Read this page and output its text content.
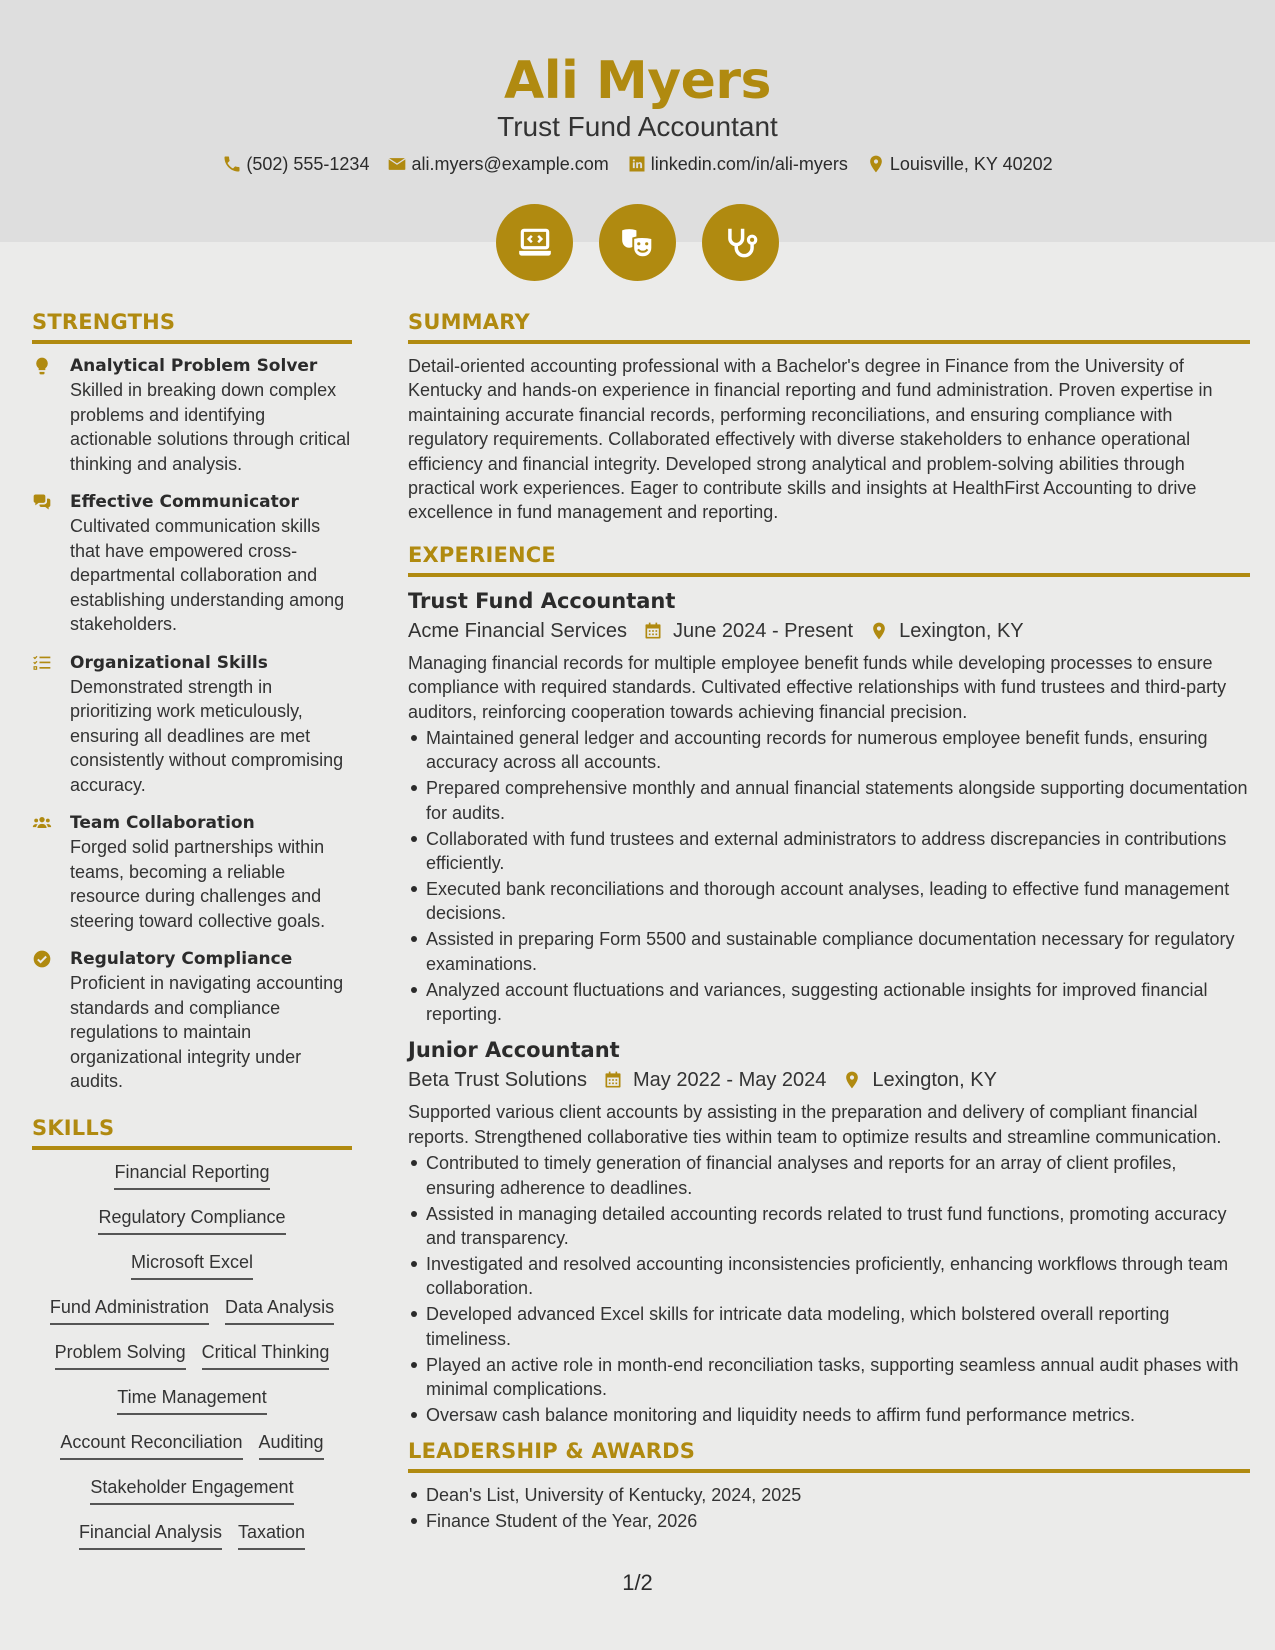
Ali Myers
Trust Fund Accountant
(502) 555-1234 ali.myers@example.com linkedin.com/in/ali-myers Louisville, KY 40202
STRENGTHS
Analytical Problem Solver

Skilled in breaking down complex problems and identifying actionable solutions through critical thinking and analysis.

Effective Communicator

Cultivated communication skills that have empowered cross-departmental collaboration and establishing understanding among stakeholders.

Organizational Skills

Demonstrated strength in prioritizing work meticulously, ensuring all deadlines are met consistently without compromising accuracy.

Team Collaboration

Forged solid partnerships within teams, becoming a reliable resource during challenges and steering toward collective goals.

Regulatory Compliance

Proficient in navigating accounting standards and compliance regulations to maintain organizational integrity under audits.

SKILLS
Financial Reporting
Regulatory Compliance
Microsoft Excel
Fund Administration Data Analysis
Problem Solving Critical Thinking
Time Management
Account Reconciliation Auditing
Stakeholder Engagement
Financial Analysis Taxation
SUMMARY

Detail-oriented accounting professional with a Bachelor's degree in Finance from the University of Kentucky and hands-on experience in financial reporting and fund administration. Proven expertise in maintaining accurate financial records, performing reconciliations, and ensuring compliance with regulatory requirements. Collaborated effectively with diverse stakeholders to enhance operational efficiency and financial integrity. Developed strong analytical and problem-solving abilities through practical work experiences. Eager to contribute skills and insights at HealthFirst Accounting to drive excellence in fund management and reporting.

EXPERIENCE
Trust Fund Accountant
Acme Financial Services June 2024 - Present Lexington, KY

Managing financial records for multiple employee benefit funds while developing processes to ensure compliance with required standards. Cultivated effective relationships with fund trustees and third-party auditors, reinforcing cooperation towards achieving financial precision.

Maintained general ledger and accounting records for numerous employee benefit funds, ensuring accuracy across all accounts.
Prepared comprehensive monthly and annual financial statements alongside supporting documentation for audits.
Collaborated with fund trustees and external administrators to address discrepancies in contributions efficiently.
Executed bank reconciliations and thorough account analyses, leading to effective fund management decisions.
Assisted in preparing Form 5500 and sustainable compliance documentation necessary for regulatory examinations.
Analyzed account fluctuations and variances, suggesting actionable insights for improved financial reporting.
Junior Accountant
Beta Trust Solutions May 2022 - May 2024 Lexington, KY

Supported various client accounts by assisting in the preparation and delivery of compliant financial reports. Strengthened collaborative ties within team to optimize results and streamline communication.

Contributed to timely generation of financial analyses and reports for an array of client profiles, ensuring adherence to deadlines.
Assisted in managing detailed accounting records related to trust fund functions, promoting accuracy and transparency.
Investigated and resolved accounting inconsistencies proficiently, enhancing workflows through team collaboration.
Developed advanced Excel skills for intricate data modeling, which bolstered overall reporting timeliness.
Played an active role in month-end reconciliation tasks, supporting seamless annual audit phases with minimal complications.
Oversaw cash balance monitoring and liquidity needs to affirm fund performance metrics.
LEADERSHIP & AWARDS
Dean's List, University of Kentucky, 2024, 2025
Finance Student of the Year, 2026
1/2
